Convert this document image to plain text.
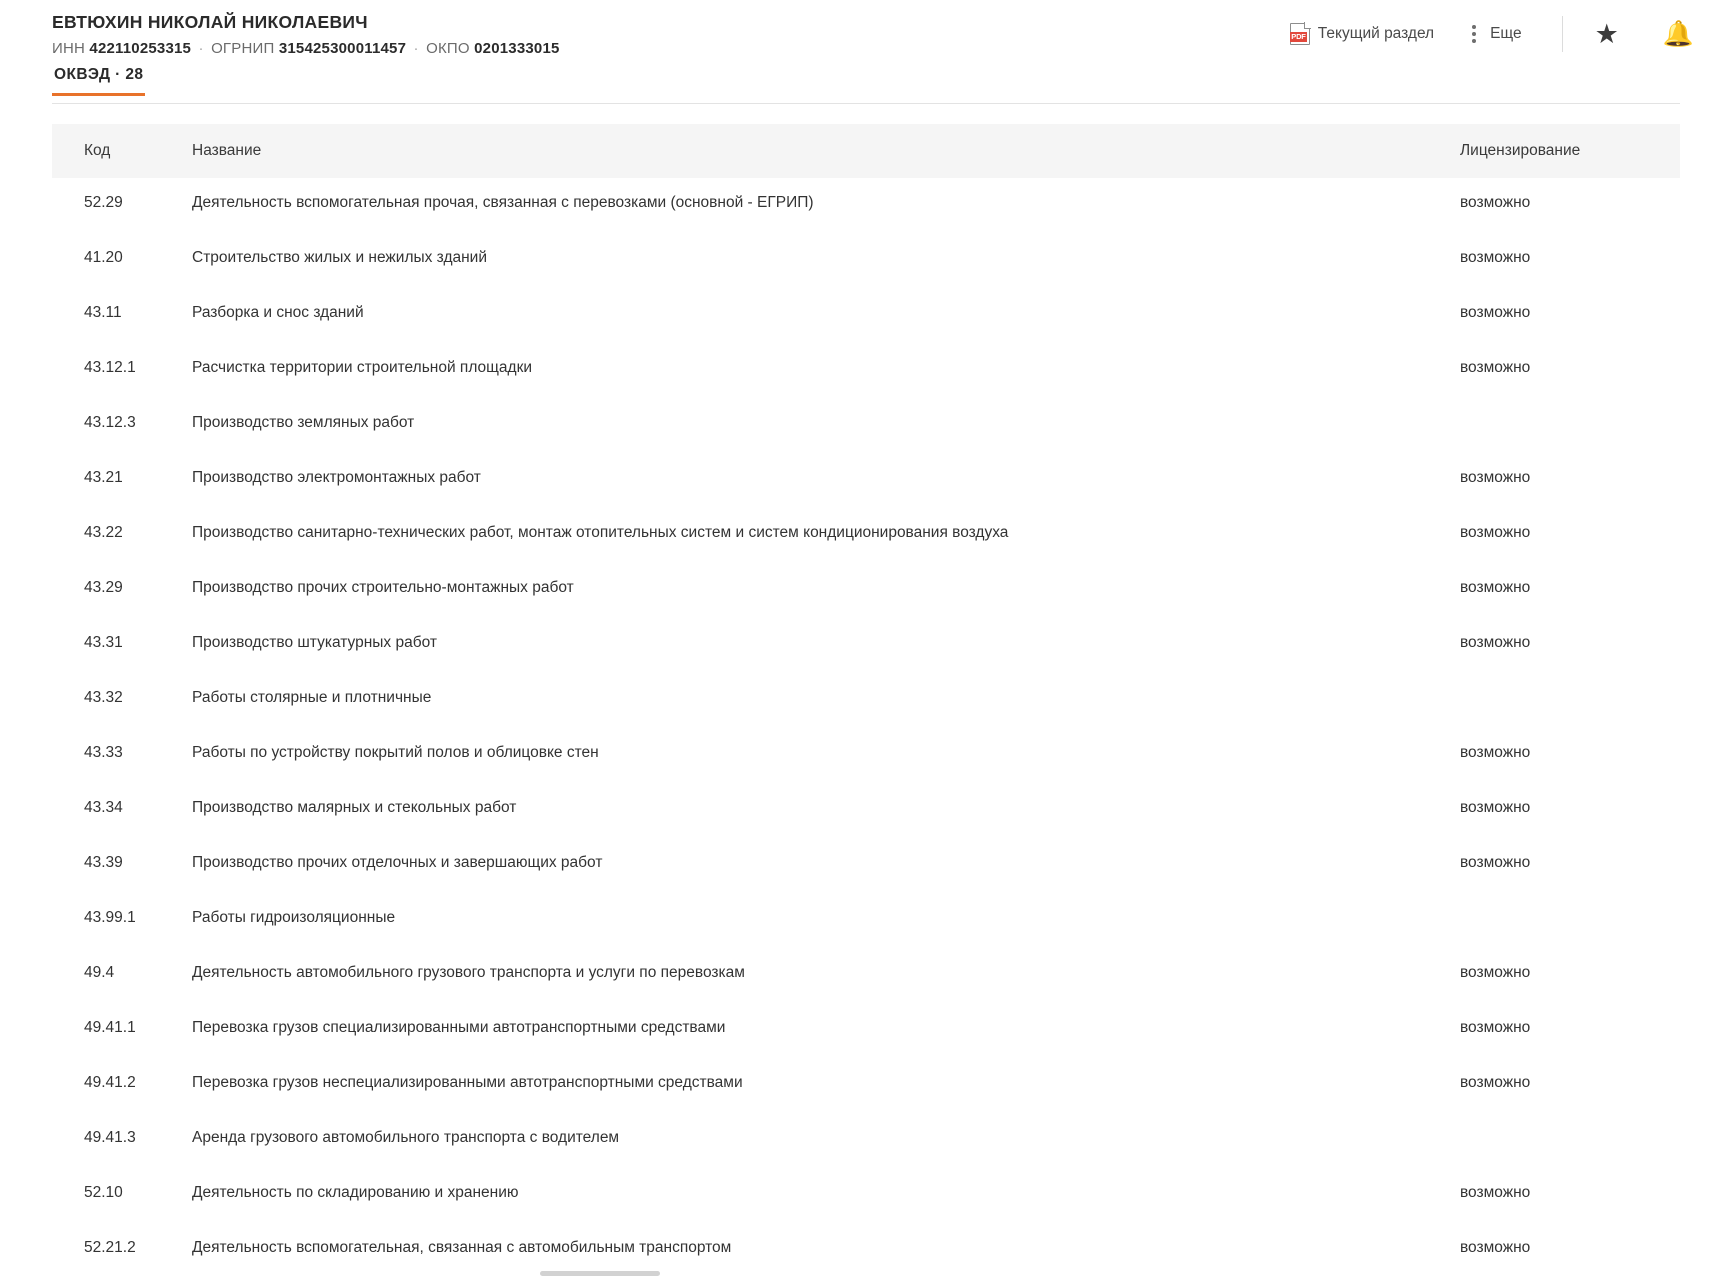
ЕВТЮХИН НИКОЛАЙ НИКОЛАЕВИЧ
ИНН 422110253315 · ОГРНИП 315425300011457 · ОКПО 0201333015
PDF Текущий раздел	Еще	★	🔔
ОКВЭД · 28
Код	Название	Лицензирование
52.29	Деятельность вспомогательная прочая, связанная с перевозками (основной - ЕГРИП)	возможно
41.20	Строительство жилых и нежилых зданий	возможно
43.11	Разборка и снос зданий	возможно
43.12.1	Расчистка территории строительной площадки	возможно
43.12.3	Производство земляных работ	
43.21	Производство электромонтажных работ	возможно
43.22	Производство санитарно-технических работ, монтаж отопительных систем и систем кондиционирования воздуха	возможно
43.29	Производство прочих строительно-монтажных работ	возможно
43.31	Производство штукатурных работ	возможно
43.32	Работы столярные и плотничные	
43.33	Работы по устройству покрытий полов и облицовке стен	возможно
43.34	Производство малярных и стекольных работ	возможно
43.39	Производство прочих отделочных и завершающих работ	возможно
43.99.1	Работы гидроизоляционные	
49.4	Деятельность автомобильного грузового транспорта и услуги по перевозкам	возможно
49.41.1	Перевозка грузов специализированными автотранспортными средствами	возможно
49.41.2	Перевозка грузов неспециализированными автотранспортными средствами	возможно
49.41.3	Аренда грузового автомобильного транспорта с водителем	
52.10	Деятельность по складированию и хранению	возможно
52.21.2	Деятельность вспомогательная, связанная с автомобильным транспортом	возможно
